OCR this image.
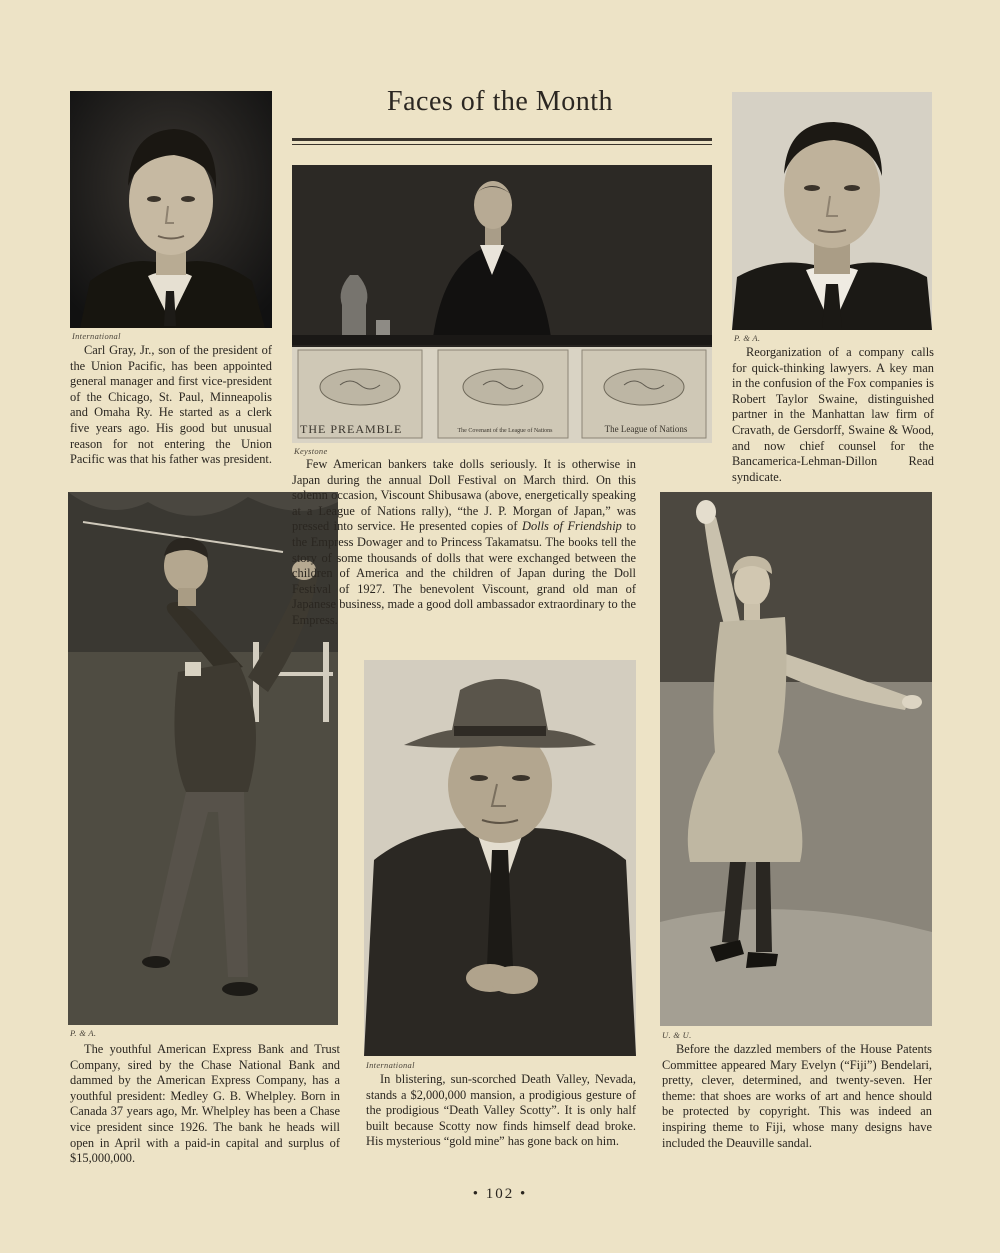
Faces of the Month
International
THE PREAMBLE	The Covenant of the League of Nations	The League of Nations
Keystone
P. & A.
P. & A.
International
U. & U.

Carl Gray, Jr., son of the president of the Union Pacific, has been appointed general manager and first vice-president of the Chicago, St. Paul, Minneapolis and Omaha Ry. He started as a clerk five years ago. His good but unusual reason for not entering the Union Pacific was that his father was president.

Reorganization of a company calls for quick-thinking lawyers. A key man in the confusion of the Fox companies is Robert Taylor Swaine, distinguished partner in the Manhattan law firm of Cravath, de Gersdorff, Swaine & Wood, and now chief counsel for the Bancamerica-Lehman-Dillon Read syndicate.

Few American bankers take dolls seriously. It is otherwise in Japan during the annual Doll Festival on March third. On this solemn occasion, Viscount Shibusawa (above, energetically speaking at a League of Nations rally), “the J. P. Morgan of Japan,” was pressed into service. He presented copies of Dolls of Friendship to the Empress Dowager and to Princess Takamatsu. The books tell the story of some thousands of dolls that were exchanged between the children of America and the children of Japan during the Doll Festival of 1927. The benevolent Viscount, grand old man of Japanese business, made a good doll ambassador extraordinary to the Empress.

The youthful American Express Bank and Trust Company, sired by the Chase National Bank and dammed by the American Express Company, has a youthful president: Medley G. B. Whelpley. Born in Canada 37 years ago, Mr. Whelpley has been a Chase vice president since 1926. The bank he heads will open in April with a paid-in capital and surplus of $15,000,000.

In blistering, sun-scorched Death Valley, Nevada, stands a $2,000,000 mansion, a prodigious gesture of the prodigious “Death Valley Scotty”. It is only half built because Scotty now finds himself dead broke. His mysterious “gold mine” has gone back on him.

Before the dazzled members of the House Patents Committee appeared Mary Evelyn (“Fiji”) Bendelari, pretty, clever, determined, and twenty-seven. Her theme: that shoes are works of art and hence should be protected by copyright. This was indeed an inspiring theme to Fiji, whose many designs have included the Deauville sandal.

• 102 •
